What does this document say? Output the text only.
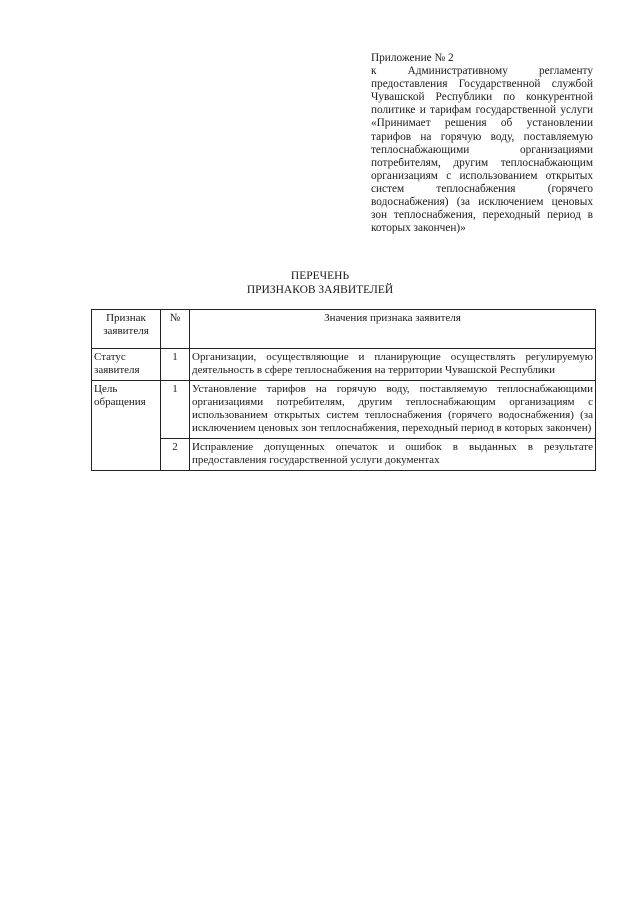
Приложение № 2
к Административному регламенту предоставления Государственной службой Чувашской Республики по конкурентной политике и тарифам государственной услуги «Принимает решения об установлении тарифов на горячую воду, поставляемую теплоснабжающими организациями потребителям, другим теплоснабжающим организациям с использованием открытых систем теплоснабжения (горячего водоснабжения) (за исключением ценовых зон теплоснабжения, переходный период в которых закончен)»
ПЕРЕЧЕНЬ
ПРИЗНАКОВ ЗАЯВИТЕЛЕЙ
Признак заявителя	№	Значения признака заявителя
Статус заявителя	1	Организации, осуществляющие и планирующие осуществлять регулируемую деятельность в сфере теплоснабжения на территории Чувашской Республики
Цель обращения	1	Установление тарифов на горячую воду, поставляемую теплоснабжающими организациями потребителям, другим теплоснабжающим организациям с использованием открытых систем теплоснабжения (горячего водоснабжения) (за исключением ценовых зон теплоснабжения, переходный период в которых закончен)
	2	Исправление допущенных опечаток и ошибок в выданных в результате предоставления государственной услуги документах
